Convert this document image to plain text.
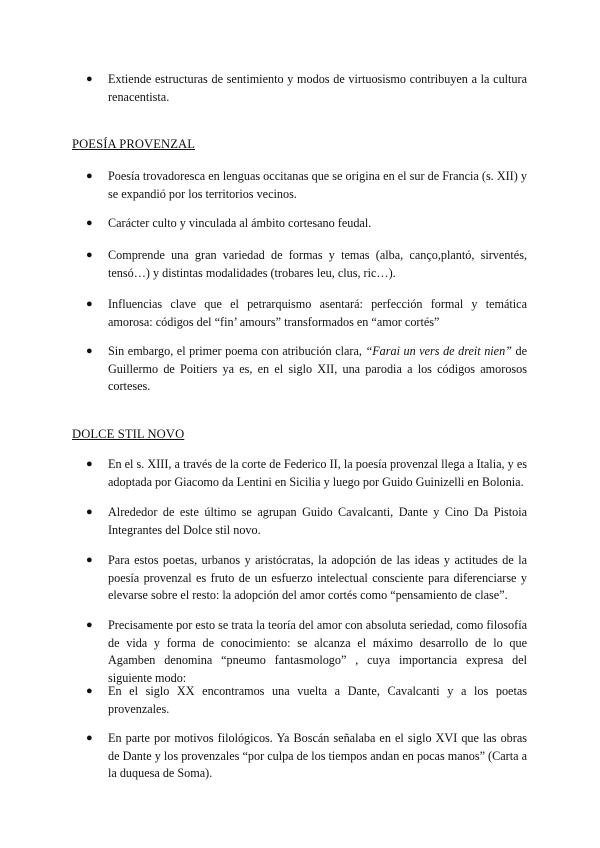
● Extiende estructuras de sentimiento y modos de virtuosismo contribuyen a la cultura renacentista.
POESÍA PROVENZAL
● Poesía trovadoresca en lenguas occitanas que se origina en el sur de Francia (s. XII) y se expandió por los territorios vecinos.
● Carácter culto y vinculada al ámbito cortesano feudal.
● Comprende una gran variedad de formas y temas (alba, canço,plantó, sirventés, tensó…) y distintas modalidades (trobares leu, clus, ric…).
● Influencias clave que el petrarquismo asentará: perfección formal y temática amorosa: códigos del “fin’ amours” transformados en “amor cortés”
● Sin embargo, el primer poema con atribución clara, “Farai un vers de dreit nien” de Guillermo de Poitiers ya es, en el siglo XII, una parodia a los códigos amorosos corteses.
DOLCE STIL NOVO
● En el s. XIII, a través de la corte de Federico II, la poesía provenzal llega a Italia, y es adoptada por Giacomo da Lentini en Sicilia y luego por Guido Guinizelli en Bolonia.
● Alrededor de este último se agrupan Guido Cavalcanti, Dante y Cino Da Pistoia Integrantes del Dolce stil novo.
● Para estos poetas, urbanos y aristócratas, la adopción de las ideas y actitudes de la poesía provenzal es fruto de un esfuerzo intelectual consciente para diferenciarse y elevarse sobre el resto: la adopción del amor cortés como “pensamiento de clase”.
● Precisamente por esto se trata la teoría del amor con absoluta seriedad, como filosofía de vida y forma de conocimiento: se alcanza el máximo desarrollo de lo que Agamben denomina “pneumo fantasmologo” , cuya importancia expresa del siguiente modo:
● En el siglo XX encontramos una vuelta a Dante, Cavalcanti y a los poetas provenzales.
● En parte por motivos filológicos. Ya Boscán señalaba en el siglo XVI que las obras de Dante y los provenzales “por culpa de los tiempos andan en pocas manos” (Carta a la duquesa de Soma).
